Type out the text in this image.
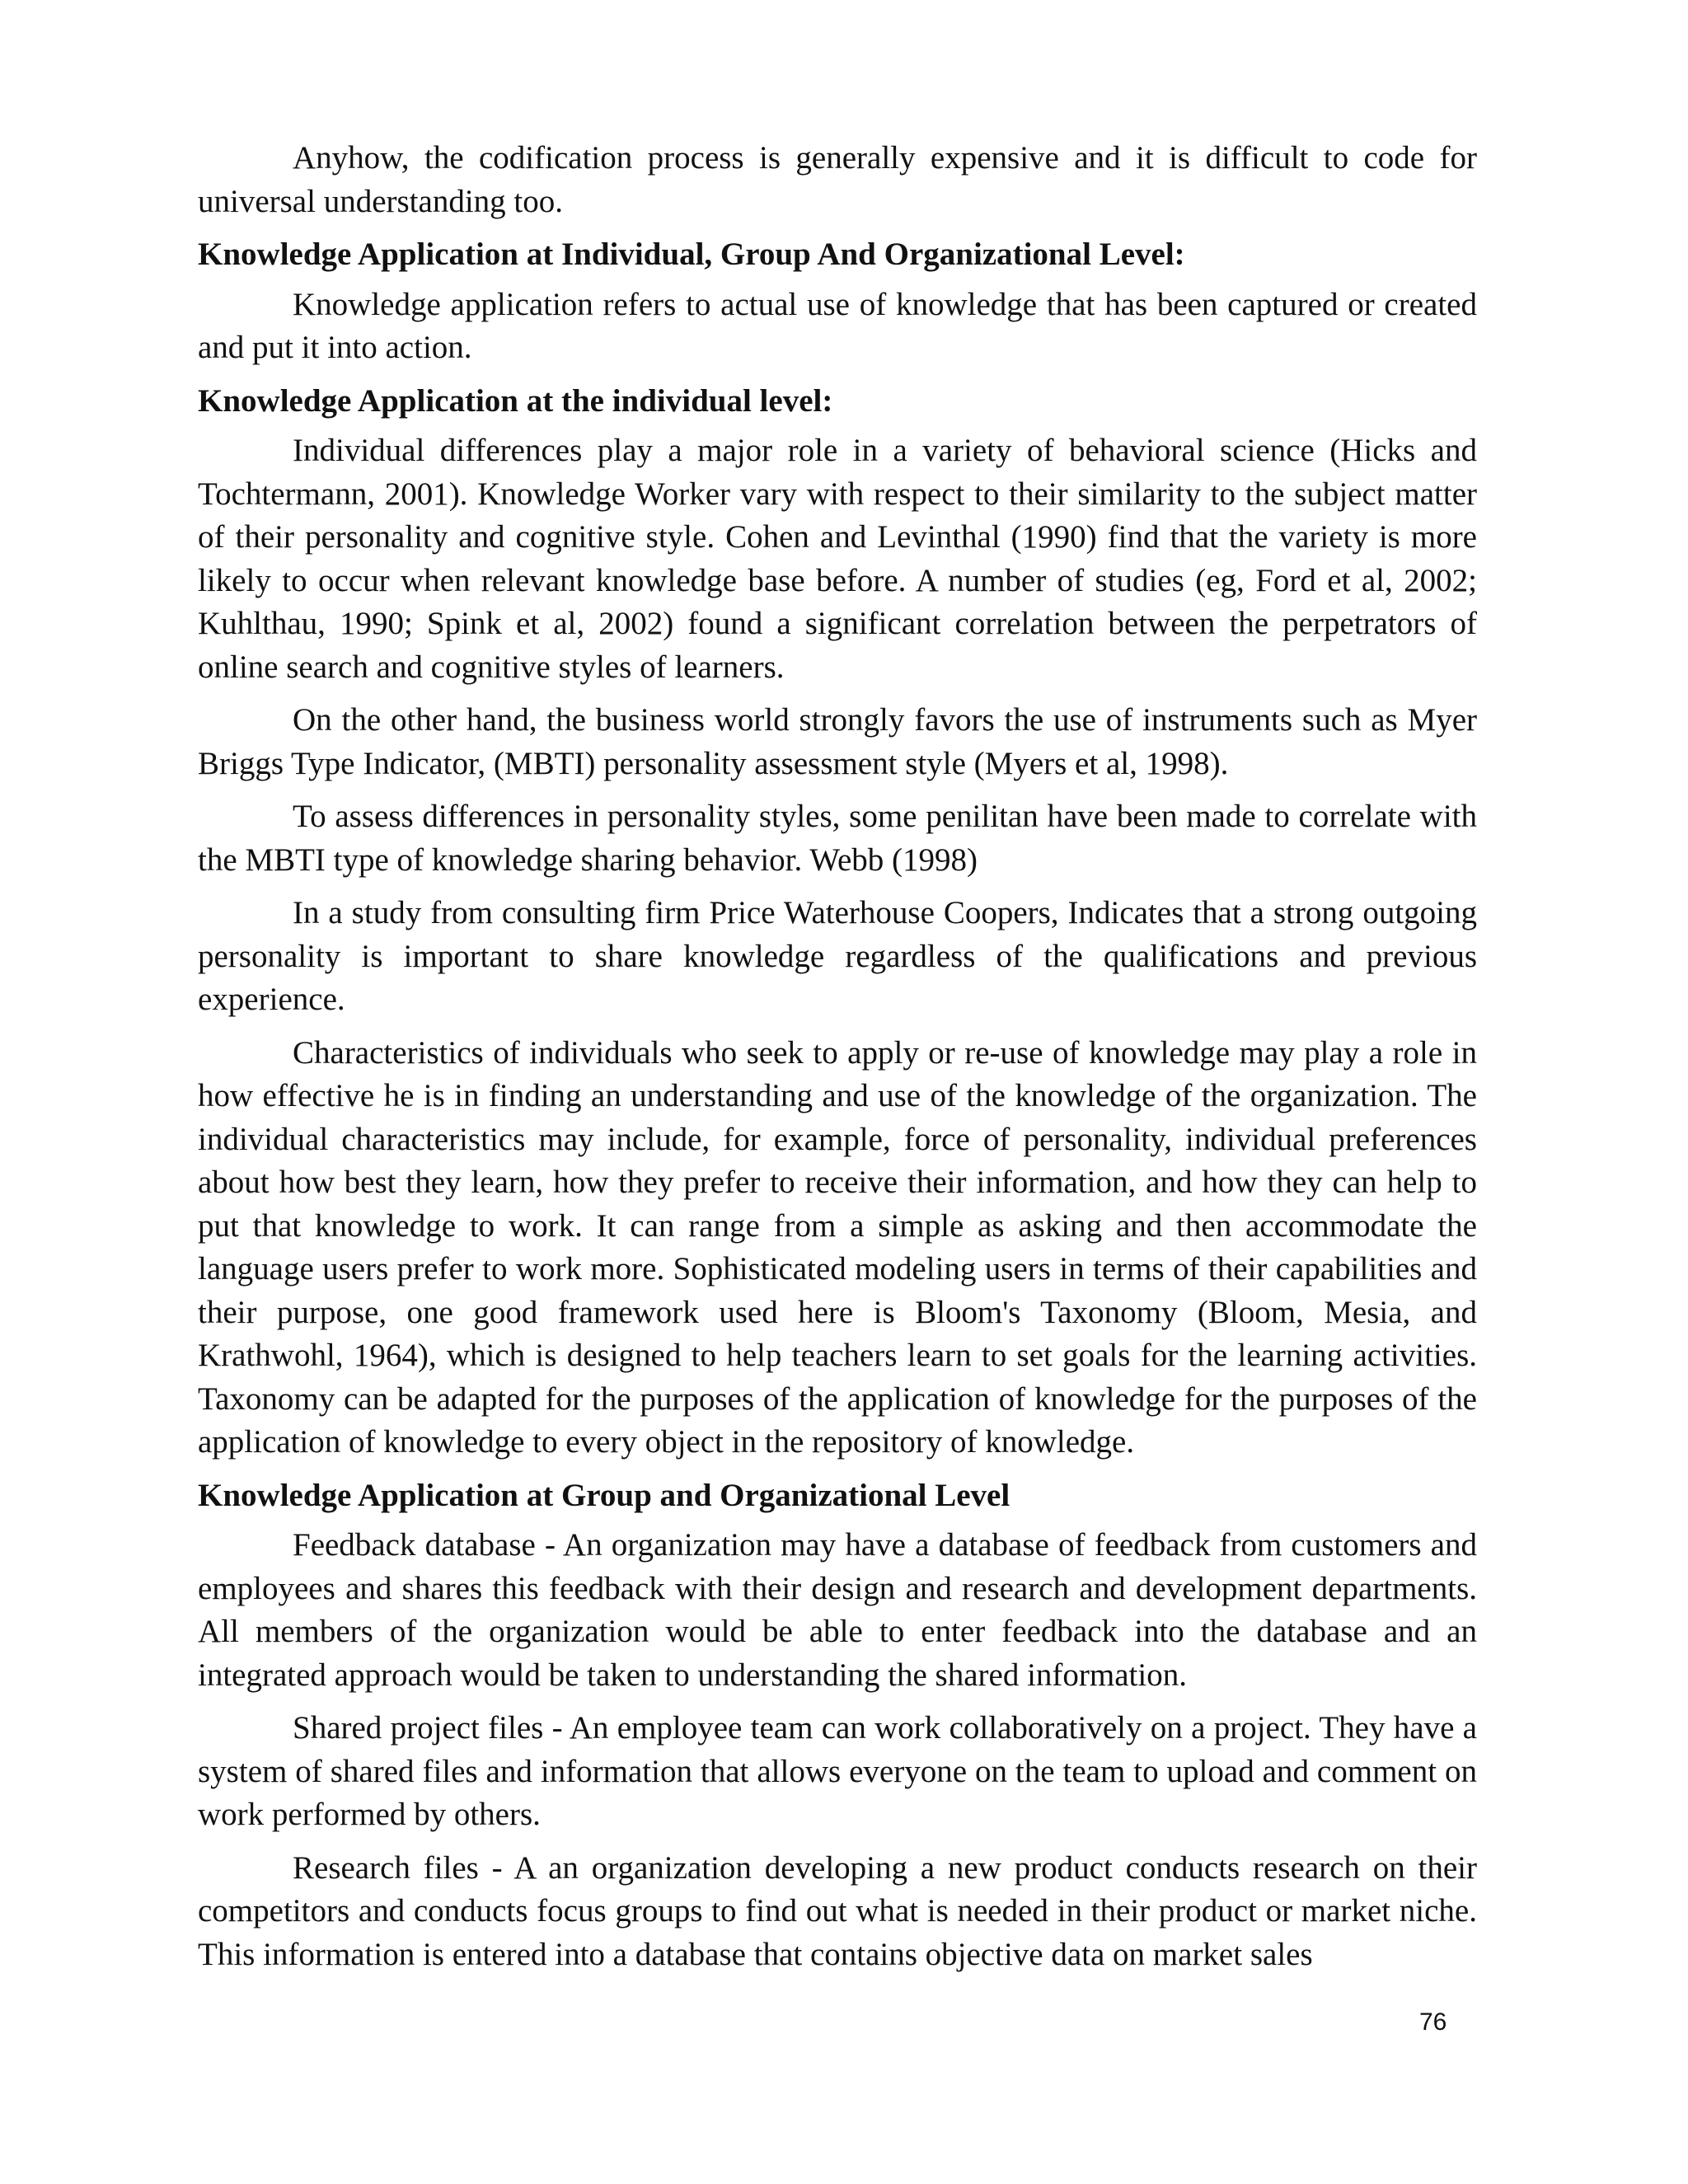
Anyhow, the codification process is generally expensive and it is difficult to code for universal understanding too.

Knowledge Application at Individual, Group And Organizational Level:

Knowledge application refers to actual use of knowledge that has been captured or created and put it into action.

Knowledge Application at the individual level:

Individual differences play a major role in a variety of behavioral science (Hicks and Tochtermann, 2001). Knowledge Worker vary with respect to their similarity to the subject matter of their personality and cognitive style. Cohen and Levinthal (1990) find that the variety is more likely to occur when relevant knowledge base before. A number of studies (eg, Ford et al, 2002; Kuhlthau, 1990; Spink et al, 2002) found a significant correlation between the perpetrators of online search and cognitive styles of learners.

On the other hand, the business world strongly favors the use of instruments such as Myer Briggs Type Indicator, (MBTI) personality assessment style (Myers et al, 1998).

To assess differences in personality styles, some penilitan have been made to correlate with the MBTI type of knowledge sharing behavior. Webb (1998)

In a study from consulting firm Price Waterhouse Coopers, Indicates that a strong outgoing personality is important to share knowledge regardless of the qualifications and previous experience.

Characteristics of individuals who seek to apply or re-use of knowledge may play a role in how effective he is in finding an understanding and use of the knowledge of the organization. The individual characteristics may include, for example, force of personality, individual preferences about how best they learn, how they prefer to receive their information, and how they can help to put that knowledge to work. It can range from a simple as asking and then accommodate the language users prefer to work more. Sophisticated modeling users in terms of their capabilities and their purpose, one good framework used here is Bloom's Taxonomy (Bloom, Mesia, and Krathwohl, 1964), which is designed to help teachers learn to set goals for the learning activities. Taxonomy can be adapted for the purposes of the application of knowledge for the purposes of the application of knowledge to every object in the repository of knowledge.

Knowledge Application at Group and Organizational Level

Feedback database - An organization may have a database of feedback from customers and employees and shares this feedback with their design and research and development departments. All members of the organization would be able to enter feedback into the database and an integrated approach would be taken to understanding the shared information.

Shared project files - An employee team can work collaboratively on a project. They have a system of shared files and information that allows everyone on the team to upload and comment on work performed by others.

Research files - A an organization developing a new product conducts research on their competitors and conducts focus groups to find out what is needed in their product or market niche. This information is entered into a database that contains objective data on market sales

76
